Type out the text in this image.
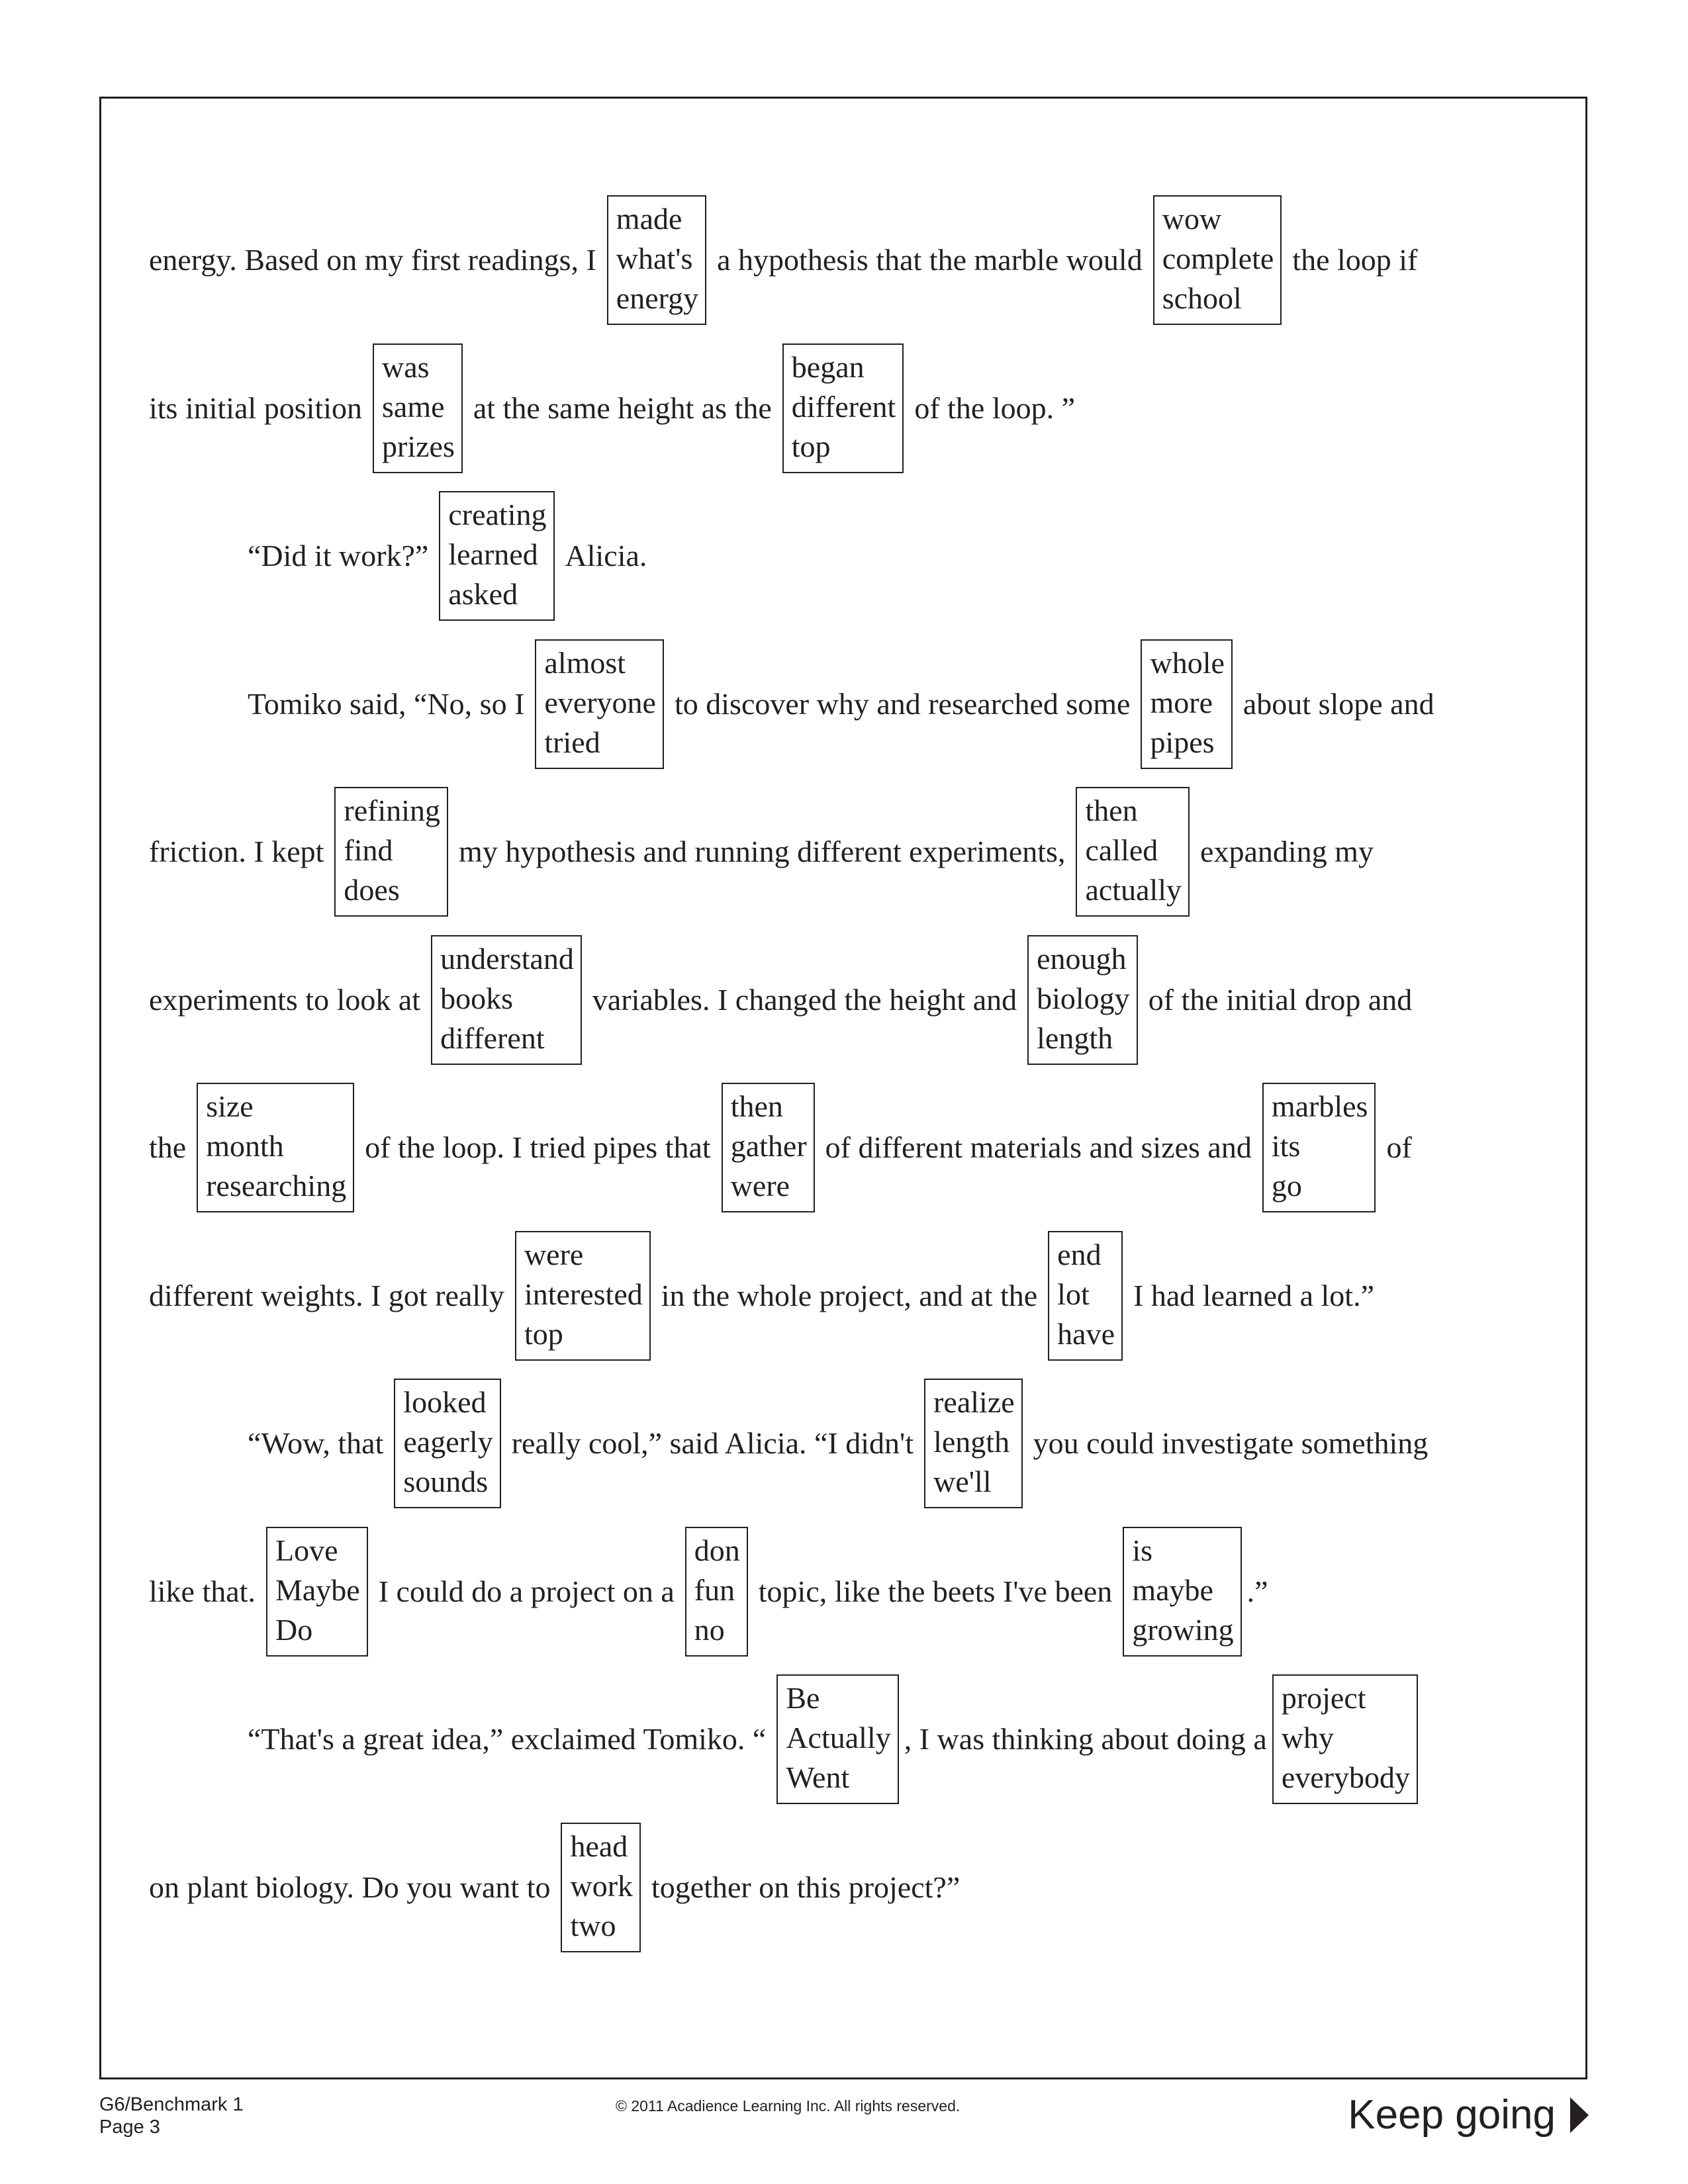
energy. Based on my first readings, I
made
what's
energy
a hypothesis that the marble would
wow
complete
school
the loop if
its initial position
was
same
prizes
at the same height as the
began
different
top
of the loop. ”
“Did it work?”
creating
learned
asked
Alicia.
Tomiko said, “No, so I
almost
everyone
tried
to discover why and researched some
whole
more
pipes
about slope and
friction. I kept
refining
find
does
my hypothesis and running different experiments,
then
called
actually
expanding my
experiments to look at
understand
books
different
variables. I changed the height and
enough
biology
length
of the initial drop and
the
size
month
researching
of the loop. I tried pipes that
then
gather
were
of different materials and sizes and
marbles
its
go
of
different weights. I got really
were
interested
top
in the whole project, and at the
end
lot
have
I had learned a lot.”
“Wow, that
looked
eagerly
sounds
really cool,” said Alicia. “I didn't
realize
length
we'll
you could investigate something
like that.
Love
Maybe
Do
I could do a project on a
don
fun
no
topic, like the beets I've been
is
maybe
growing
.”
“That's a great idea,” exclaimed Tomiko. “
Be
Actually
Went
, I was thinking about doing a
project
why
everybody
on plant biology. Do you want to
head
work
two
together on this project?”
G6/Benchmark 1
Page 3
© 2011 Acadience Learning Inc. All rights reserved.	Keep going
